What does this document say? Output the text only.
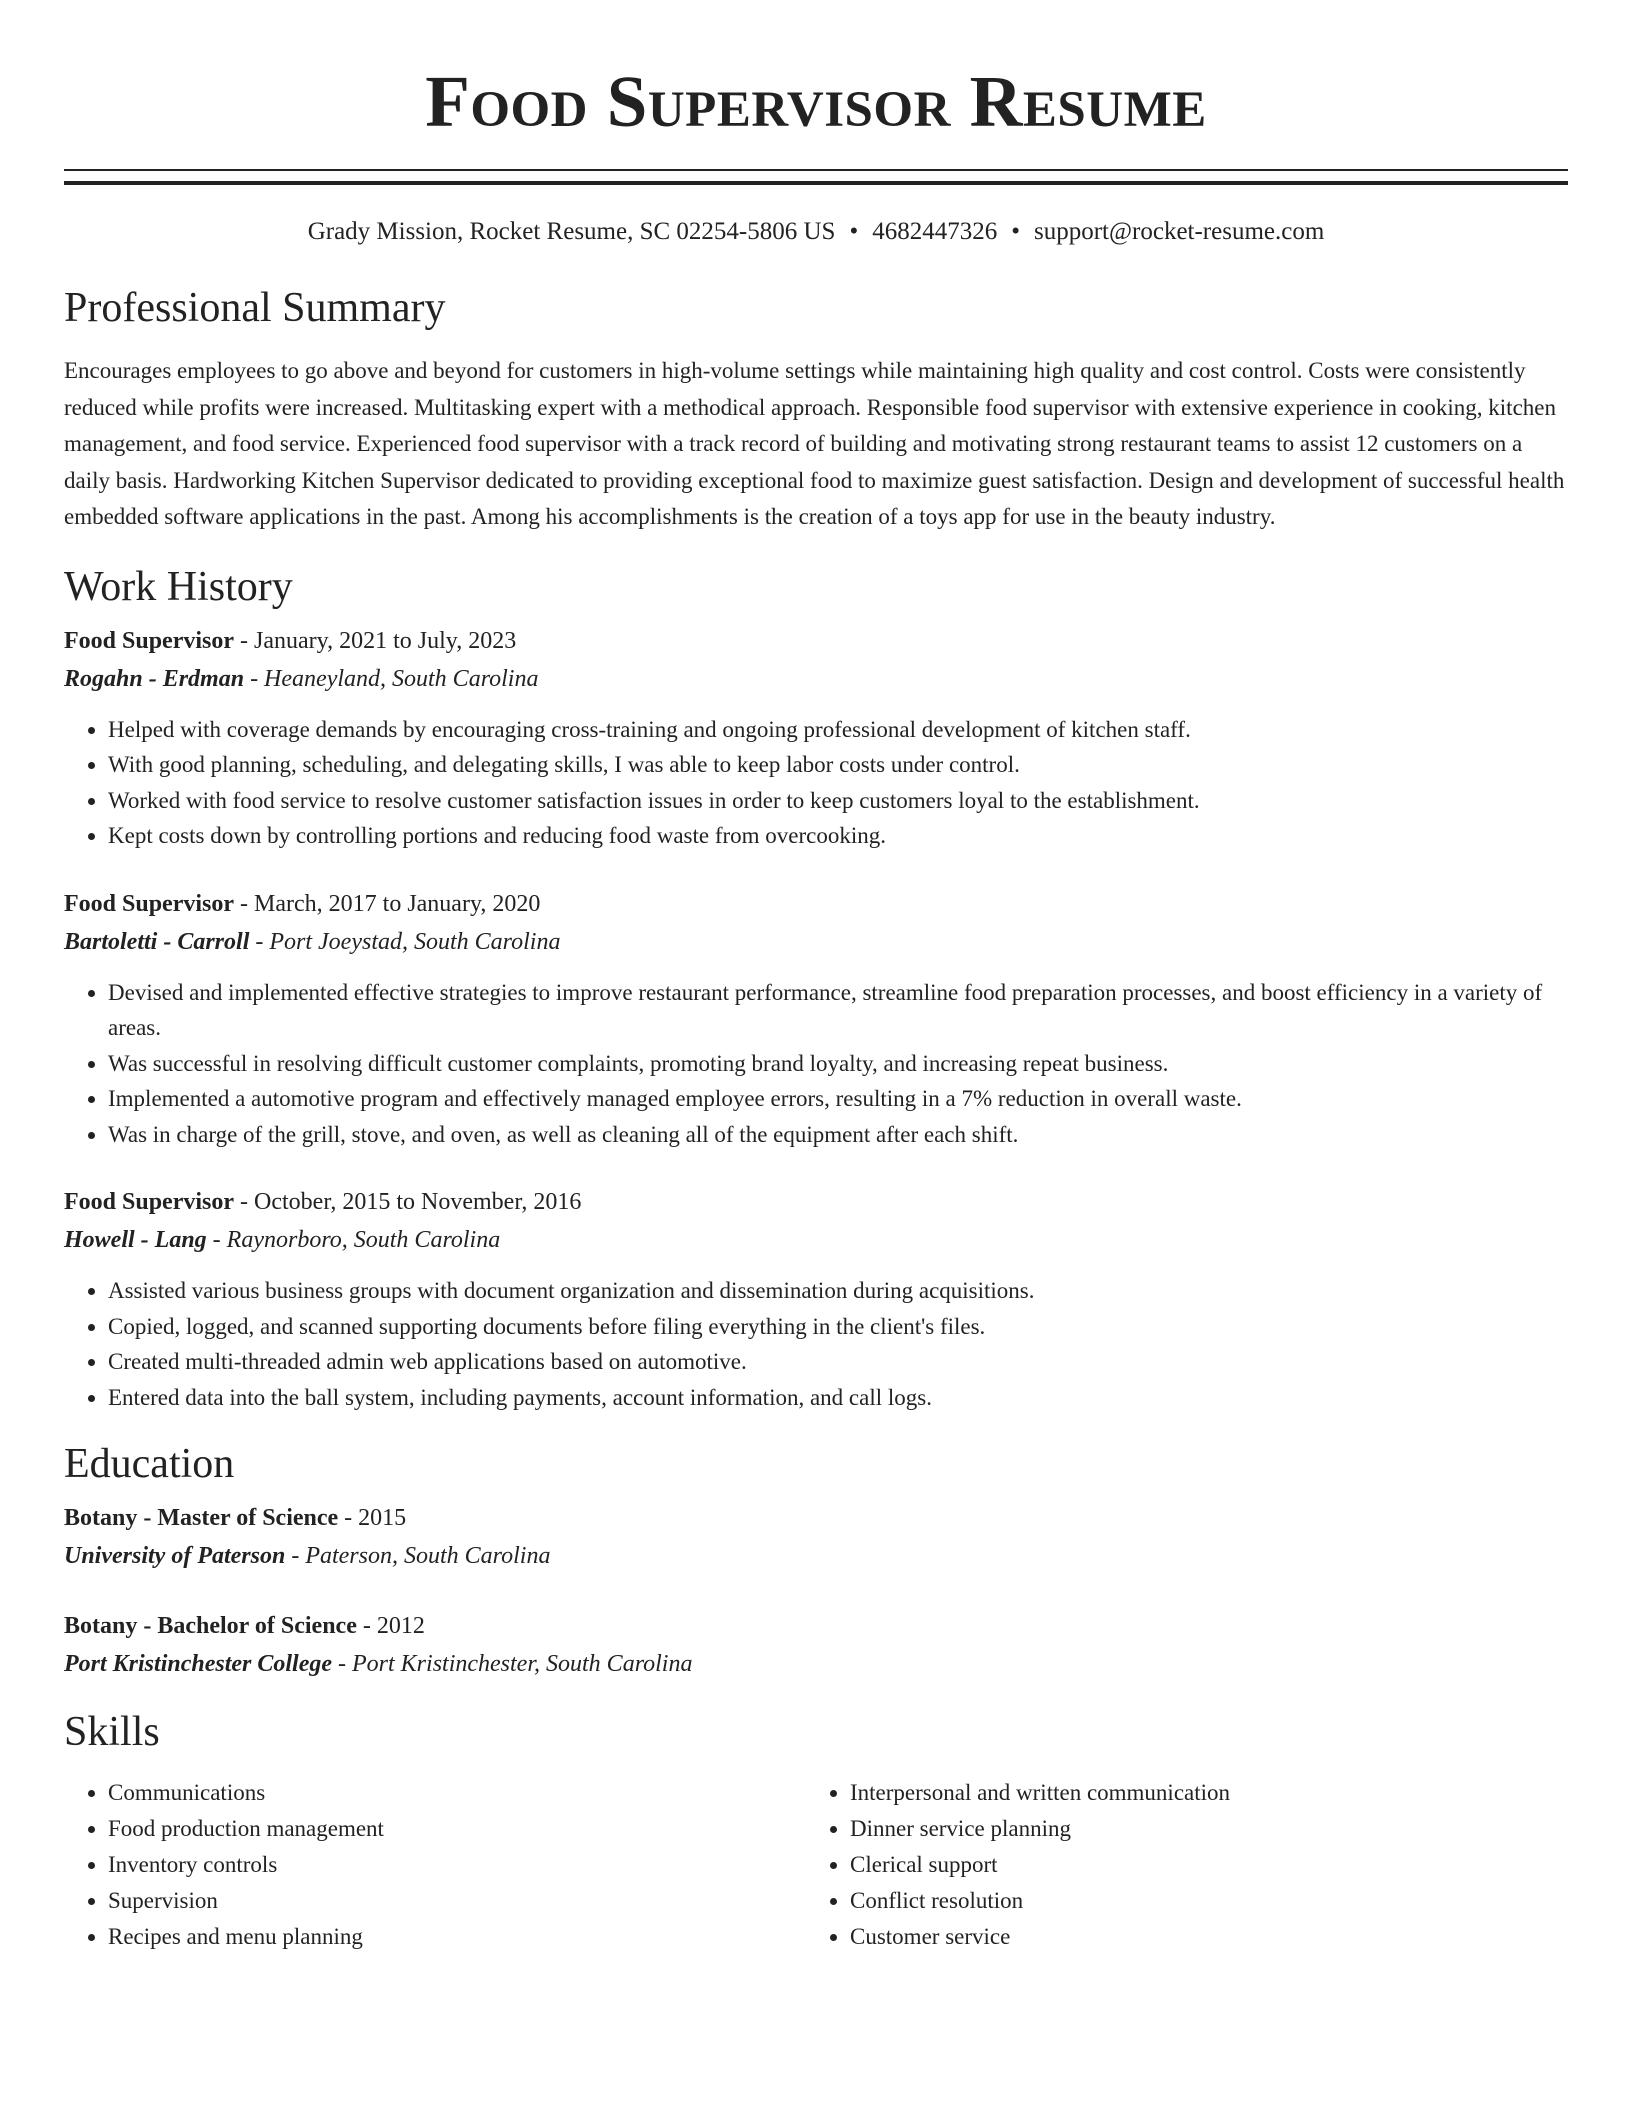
Food Supervisor Resume
Grady Mission, Rocket Resume, SC 02254-5806 US • 4682447326 • support@rocket-resume.com
Professional Summary

Encourages employees to go above and beyond for customers in high-volume settings while maintaining high quality and cost control. Costs were consistently reduced while profits were increased. Multitasking expert with a methodical approach. Responsible food supervisor with extensive experience in cooking, kitchen management, and food service. Experienced food supervisor with a track record of building and motivating strong restaurant teams to assist 12 customers on a daily basis. Hardworking Kitchen Supervisor dedicated to providing exceptional food to maximize guest satisfaction. Design and development of successful health embedded software applications in the past. Among his accomplishments is the creation of a toys app for use in the beauty industry.

Work History
Food Supervisor - January, 2021 to July, 2023
Rogahn - Erdman - Heaneyland, South Carolina
• Helped with coverage demands by encouraging cross-training and ongoing professional development of kitchen staff.
• With good planning, scheduling, and delegating skills, I was able to keep labor costs under control.
• Worked with food service to resolve customer satisfaction issues in order to keep customers loyal to the establishment.
• Kept costs down by controlling portions and reducing food waste from overcooking.
Food Supervisor - March, 2017 to January, 2020
Bartoletti - Carroll - Port Joeystad, South Carolina
• Devised and implemented effective strategies to improve restaurant performance, streamline food preparation processes, and boost efficiency in a variety of areas.
• Was successful in resolving difficult customer complaints, promoting brand loyalty, and increasing repeat business.
• Implemented a automotive program and effectively managed employee errors, resulting in a 7% reduction in overall waste.
• Was in charge of the grill, stove, and oven, as well as cleaning all of the equipment after each shift.
Food Supervisor - October, 2015 to November, 2016
Howell - Lang - Raynorboro, South Carolina
• Assisted various business groups with document organization and dissemination during acquisitions.
• Copied, logged, and scanned supporting documents before filing everything in the client's files.
• Created multi-threaded admin web applications based on automotive.
• Entered data into the ball system, including payments, account information, and call logs.
Education
Botany - Master of Science - 2015
University of Paterson - Paterson, South Carolina
Botany - Bachelor of Science - 2012
Port Kristinchester College - Port Kristinchester, South Carolina
Skills
• Communications
• Food production management
• Inventory controls
• Supervision
• Recipes and menu planning
• Interpersonal and written communication
• Dinner service planning
• Clerical support
• Conflict resolution
• Customer service
